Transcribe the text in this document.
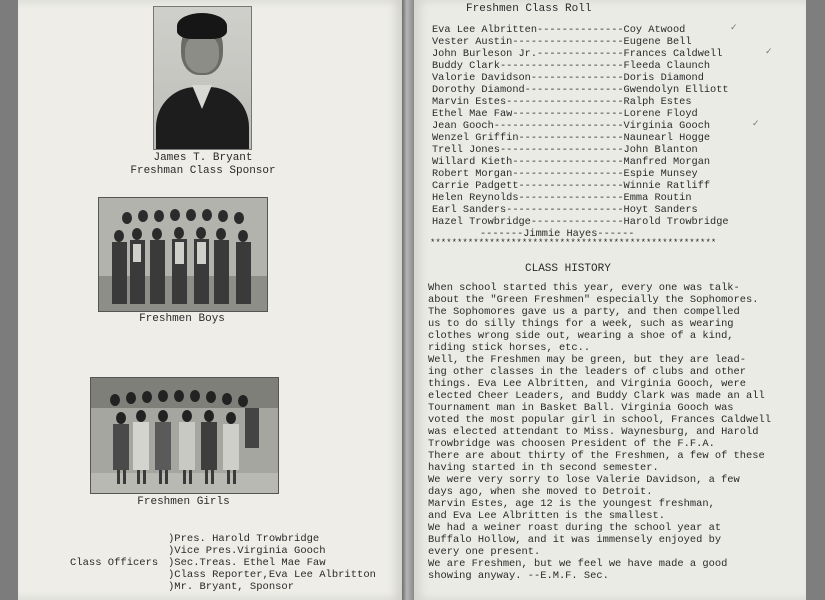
James T. Bryant
Freshman Class Sponsor
Freshmen Boys
Freshmen Girls
Class Officers
)Pres. Harold Trowbridge
)Vice Pres.Virginia Gooch
)Sec.Treas. Ethel Mae Faw
)Class Reporter,Eva Lee Albritton
)Mr. Bryant, Sponsor
Freshmen Class Roll
Eva Lee Albritten--------------Coy Atwood
Vester Austin------------------Eugene Bell
John Burleson Jr.--------------Frances Caldwell
Buddy Clark--------------------Fleeda Claunch
Valorie Davidson---------------Doris Diamond
Dorothy Diamond----------------Gwendolyn Elliott
Marvin Estes-------------------Ralph Estes
Ethel Mae Faw------------------Lorene Floyd
Jean Gooch---------------------Virginia Gooch
Wenzel Griffin-----------------Naunearl Hogge
Trell Jones--------------------John Blanton
Willard Kieth------------------Manfred Morgan
Robert Morgan------------------Espie Munsey
Carrie Padgett-----------------Winnie Ratliff
Helen Reynolds-----------------Emma Routin
Earl Sanders-------------------Hoyt Sanders
Hazel Trowbridge---------------Harold Trowbridge
-------Jimmie Hayes------
✓
✓
✓
*****************************************************
CLASS HISTORY
When school started this year, every one was talk-
about the "Green Freshmen" especially the Sophomores.
The Sophomores gave us a party, and then compelled
us to do silly things for a week, such as wearing
clothes wrong side out, wearing a shoe of a kind,
riding stick horses, etc..
Well, the Freshmen may be green, but they are lead-
ing other classes in the leaders of clubs and other
things. Eva Lee Albritten, and Virginia Gooch, were
elected Cheer Leaders, and Buddy Clark was made an all
Tournament man in Basket Ball. Virginia Gooch was
voted the most popular girl in school, Frances Caldwell
was elected attendant to Miss. Waynesburg, and Harold
Trowbridge was choosen President of the F.F.A.
There are about thirty of the Freshmen, a few of these
having started in th second semester.
We were very sorry to lose Valerie Davidson, a few
days ago, when she moved to Detroit.
Marvin Estes, age 12 is the youngest freshman,
and Eva Lee Albritten is the smallest.
We had a weiner roast during the school year at
Buffalo Hollow, and it was immensely enjoyed by
every one present.
We are Freshmen, but we feel we have made a good
showing anyway. --E.M.F. Sec.
